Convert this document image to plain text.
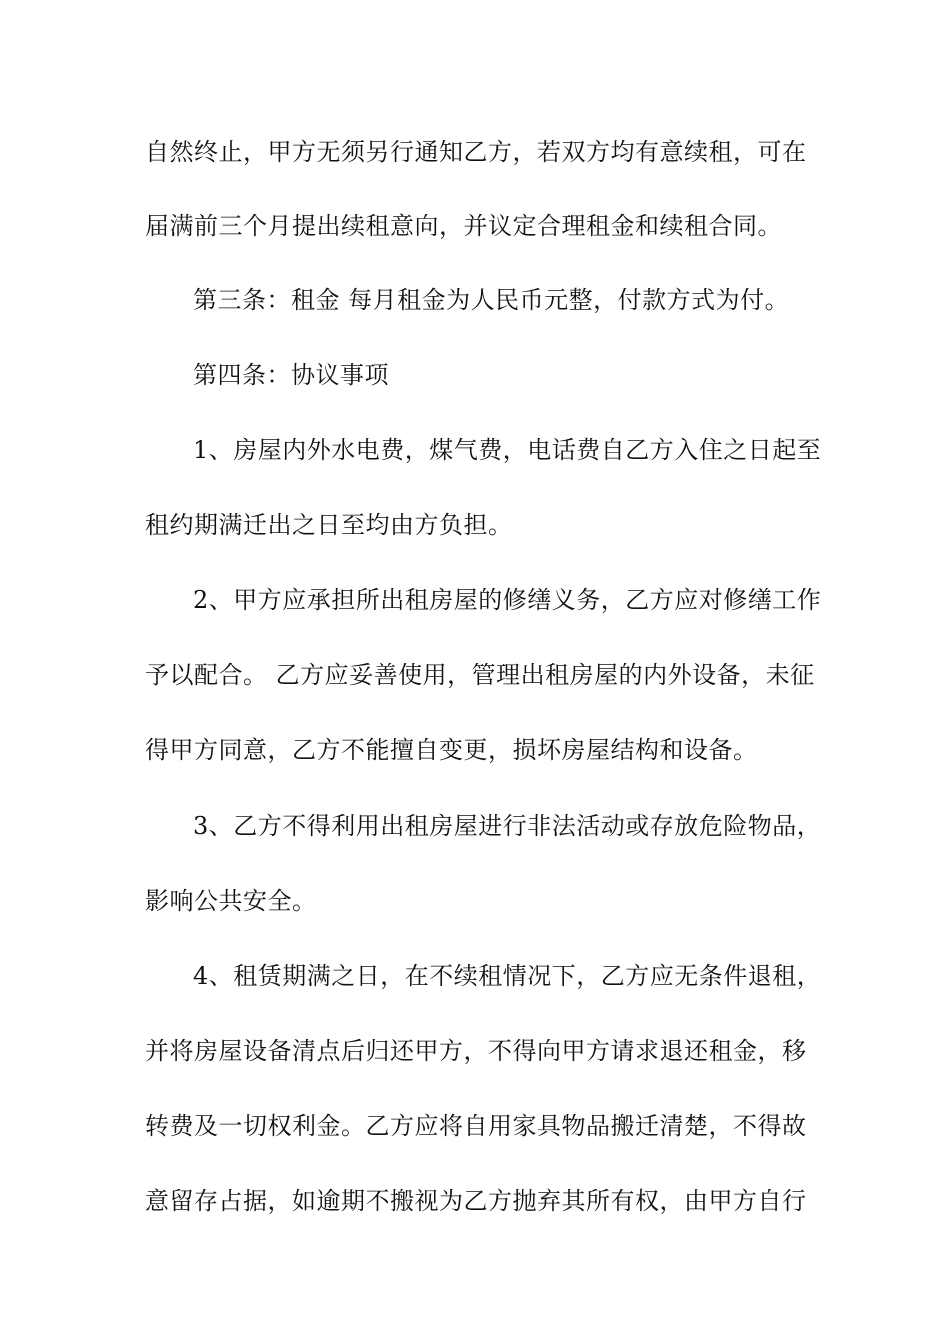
自然终止，甲方无须另行通知乙方，若双方均有意续租，可在
届满前三个月提出续租意向，并议定合理租金和续租合同。
第三条：租金 每月租金为人民币元整，付款方式为付。
第四条：协议事项
1、房屋内外水电费，煤气费，电话费自乙方入住之日起至
租约期满迁出之日至均由方负担。
2、甲方应承担所出租房屋的修缮义务，乙方应对修缮工作
予以配合。 乙方应妥善使用，管理出租房屋的内外设备，未征
得甲方同意，乙方不能擅自变更，损坏房屋结构和设备。
3、乙方不得利用出租房屋进行非法活动或存放危险物品，
影响公共安全。
4、租赁期满之日，在不续租情况下，乙方应无条件退租，
并将房屋设备清点后归还甲方，不得向甲方请求退还租金，移
转费及一切权利金。乙方应将自用家具物品搬迁清楚，不得故
意留存占据，如逾期不搬视为乙方抛弃其所有权，由甲方自行
